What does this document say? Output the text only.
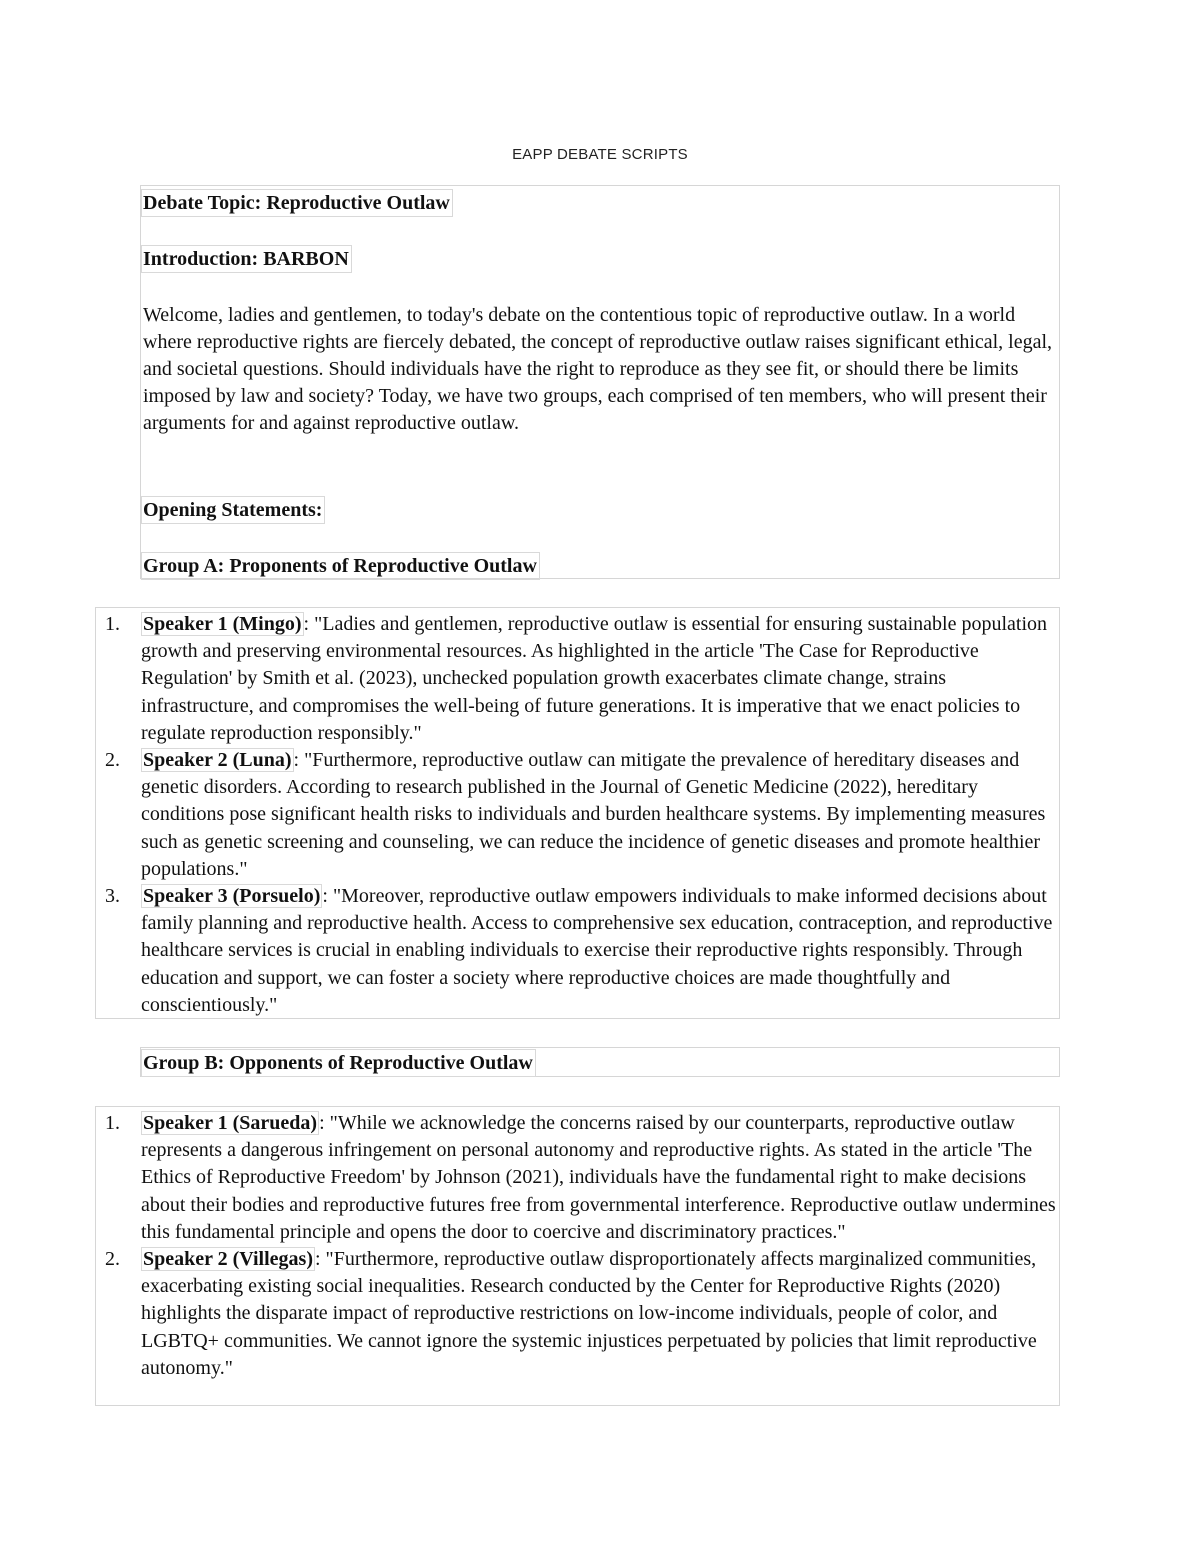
EAPP DEBATE SCRIPTS
Debate Topic: Reproductive Outlaw
Introduction: BARBON

Welcome, ladies and gentlemen, to today's debate on the contentious topic of reproductive outlaw. In a world where reproductive rights are fiercely debated, the concept of reproductive outlaw raises significant ethical, legal, and societal questions. Should individuals have the right to reproduce as they see fit, or should there be limits imposed by law and society? Today, we have two groups, each comprised of ten members, who will present their arguments for and against reproductive outlaw.

Opening Statements:
Group A: Proponents of Reproductive Outlaw
1. Speaker 1 (Mingo) : "Ladies and gentlemen, reproductive outlaw is essential for ensuring sustainable population growth and preserving environmental resources. As highlighted in the article 'The Case for Reproductive Regulation' by Smith et al. (2023), unchecked population growth exacerbates climate change, strains infrastructure, and compromises the well-being of future generations. It is imperative that we enact policies to regulate reproduction responsibly."
2. Speaker 2 (Luna) : "Furthermore, reproductive outlaw can mitigate the prevalence of hereditary diseases and genetic disorders. According to research published in the Journal of Genetic Medicine (2022), hereditary conditions pose significant health risks to individuals and burden healthcare systems. By implementing measures such as genetic screening and counseling, we can reduce the incidence of genetic diseases and promote healthier populations."
3. Speaker 3 (Porsuelo) : "Moreover, reproductive outlaw empowers individuals to make informed decisions about family planning and reproductive health. Access to comprehensive sex education, contraception, and reproductive healthcare services is crucial in enabling individuals to exercise their reproductive rights responsibly. Through education and support, we can foster a society where reproductive choices are made thoughtfully and conscientiously."
Group B: Opponents of Reproductive Outlaw
1. Speaker 1 (Sarueda) : "While we acknowledge the concerns raised by our counterparts, reproductive outlaw represents a dangerous infringement on personal autonomy and reproductive rights. As stated in the article 'The Ethics of Reproductive Freedom' by Johnson (2021), individuals have the fundamental right to make decisions about their bodies and reproductive futures free from governmental interference. Reproductive outlaw undermines this fundamental principle and opens the door to coercive and discriminatory practices."
2. Speaker 2 (Villegas) : "Furthermore, reproductive outlaw disproportionately affects marginalized communities, exacerbating existing social inequalities. Research conducted by the Center for Reproductive Rights (2020) highlights the disparate impact of reproductive restrictions on low-income individuals, people of color, and LGBTQ+ communities. We cannot ignore the systemic injustices perpetuated by policies that limit reproductive autonomy."
